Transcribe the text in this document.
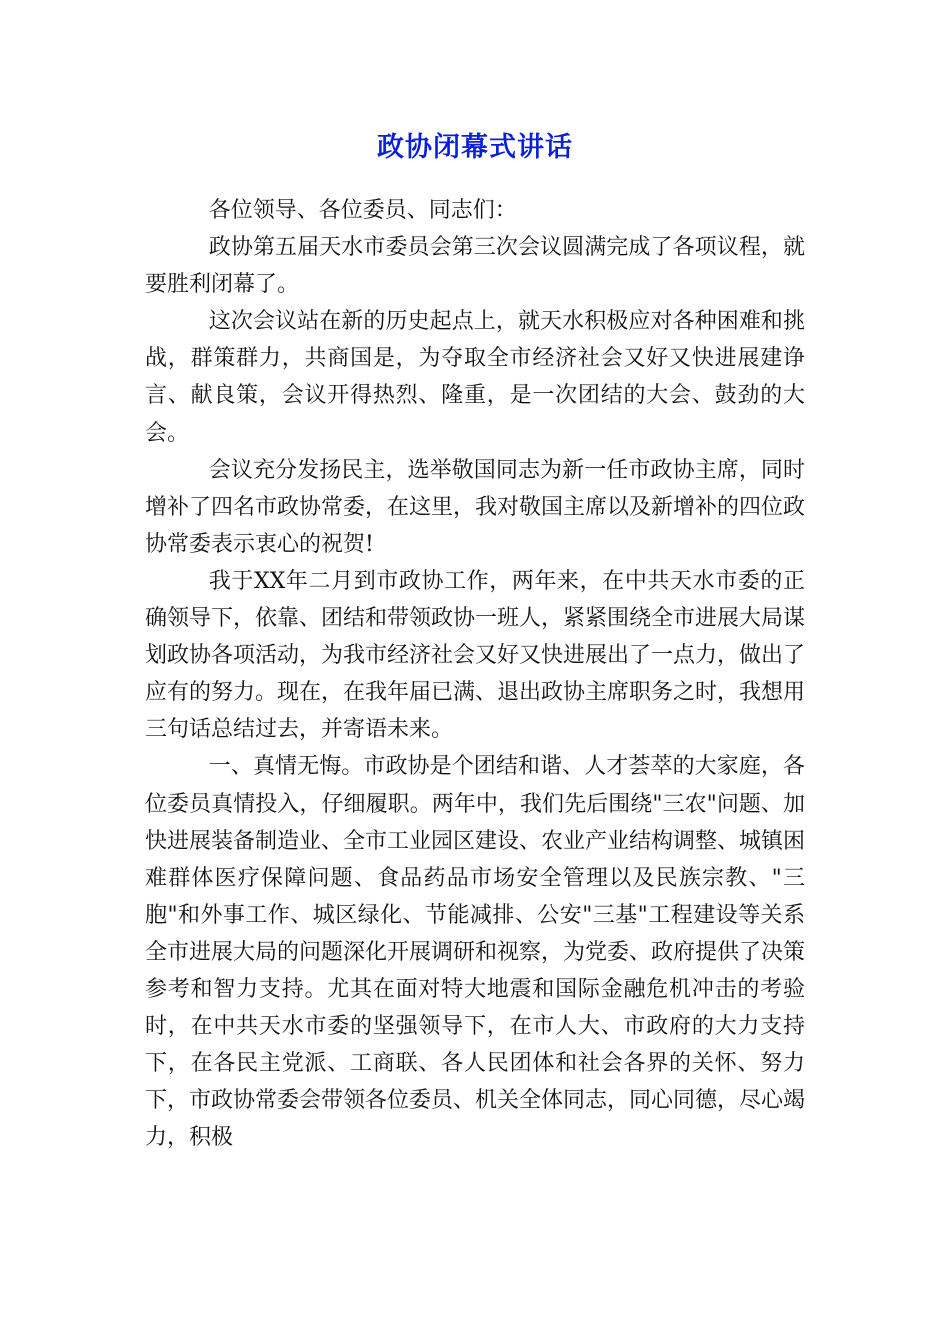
政协闭幕式讲话

各位领导、各位委员、同志们：

政协第五届天水市委员会第三次会议圆满完成了各项议程，就要胜利闭幕了。

这次会议站在新的历史起点上，就天水积极应对各种困难和挑战，群策群力，共商国是，为夺取全市经济社会又好又快进展建诤言、献良策，会议开得热烈、隆重，是一次团结的大会、鼓劲的大会。

会议充分发扬民主，选举敬国同志为新一任市政协主席，同时增补了四名市政协常委，在这里，我对敬国主席以及新增补的四位政协常委表示衷心的祝贺!

我于XX年二月到市政协工作，两年来，在中共天水市委的正确领导下，依靠、团结和带领政协一班人，紧紧围绕全市进展大局谋划政协各项活动，为我市经济社会又好又快进展出了一点力，做出了应有的努力。现在，在我年届已满、退出政协主席职务之时，我想用三句话总结过去，并寄语未来。

一、真情无悔。市政协是个团结和谐、人才荟萃的大家庭，各位委员真情投入，仔细履职。两年中，我们先后围绕"三农"问题、加快进展装备制造业、全市工业园区建设、农业产业结构调整、城镇困难群体医疗保障问题、食品药品市场安全管理以及民族宗教、"三胞"和外事工作、城区绿化、节能减排、公安"三基"工程建设等关系全市进展大局的问题深化开展调研和视察，为党委、政府提供了决策参考和智力支持。尤其在面对特大地震和国际金融危机冲击的考验时，在中共天水市委的坚强领导下，在市人大、市政府的大力支持下，在各民主党派、工商联、各人民团体和社会各界的关怀、努力下，市政协常委会带领各位委员、机关全体同志，同心同德，尽心竭力，积极
